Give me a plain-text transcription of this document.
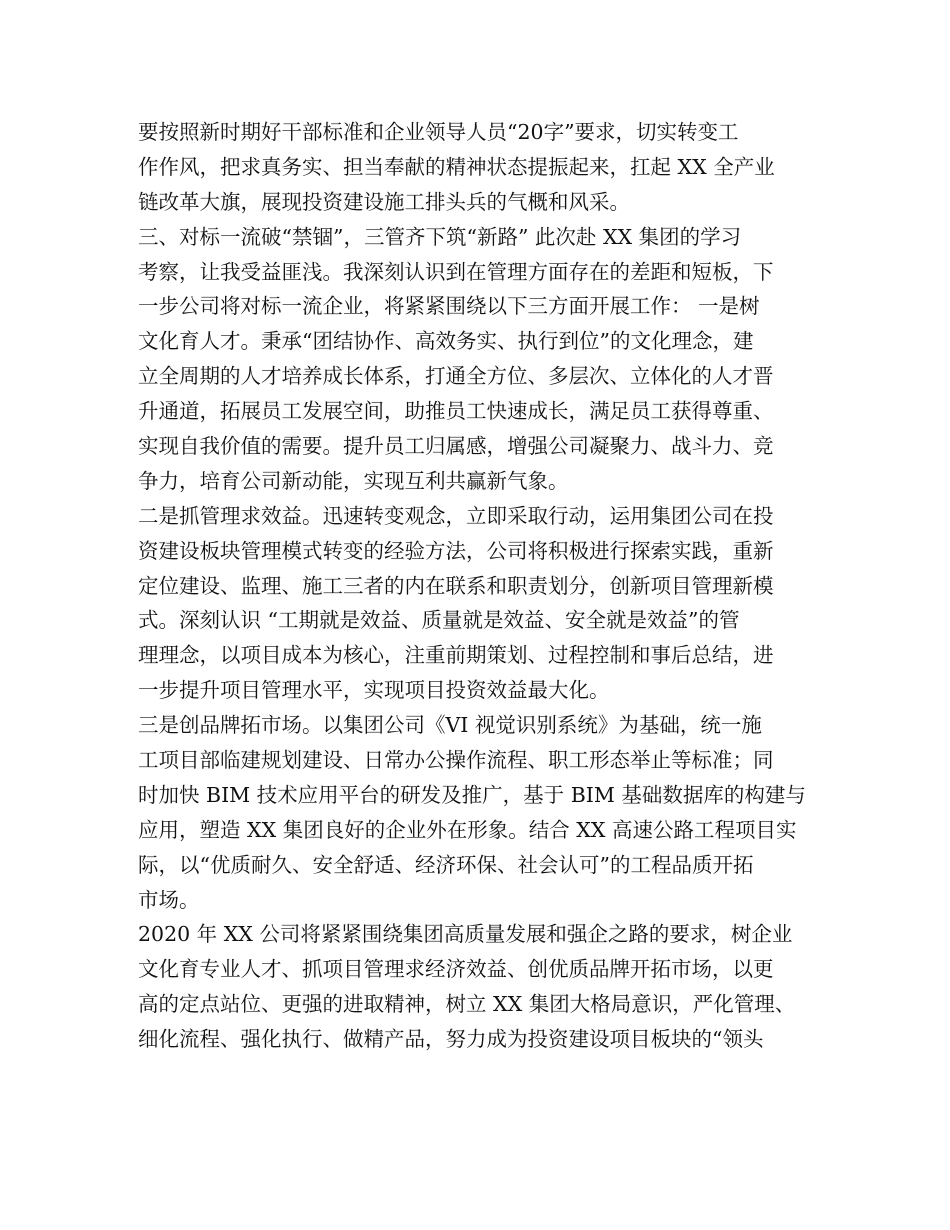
要按照新时期好干部标准和企业领导人员“20字”要求，切实转变工
作作风，把求真务实、担当奉献的精神状态提振起来，扛起 XX 全产业
链改革大旗，展现投资建设施工排头兵的气概和风采。
三、对标一流破“禁锢”，三管齐下筑“新路” 此次赴 XX 集团的学习
考察，让我受益匪浅。我深刻认识到在管理方面存在的差距和短板，下
一步公司将对标一流企业，将紧紧围绕以下三方面开展工作： 一是树
文化育人才。秉承“团结协作、高效务实、执行到位”的文化理念，建
立全周期的人才培养成长体系，打通全方位、多层次、立体化的人才晋
升通道，拓展员工发展空间，助推员工快速成长，满足员工获得尊重、
实现自我价值的需要。提升员工归属感，增强公司凝聚力、战斗力、竞
争力，培育公司新动能，实现互利共赢新气象。
二是抓管理求效益。迅速转变观念，立即采取行动，运用集团公司在投
资建设板块管理模式转变的经验方法，公司将积极进行探索实践，重新
定位建设、监理、施工三者的内在联系和职责划分，创新项目管理新模
式。深刻认识 “工期就是效益、质量就是效益、安全就是效益”的管
理理念，以项目成本为核心，注重前期策划、过程控制和事后总结，进
一步提升项目管理水平，实现项目投资效益最大化。
三是创品牌拓市场。以集团公司《VI 视觉识别系统》为基础，统一施
工项目部临建规划建设、日常办公操作流程、职工形态举止等标准；同
时加快 BIM 技术应用平台的研发及推广，基于 BIM 基础数据库的构建与
应用，塑造 XX 集团良好的企业外在形象。结合 XX 高速公路工程项目实
际，以“优质耐久、安全舒适、经济环保、社会认可”的工程品质开拓
市场。
2020 年 XX 公司将紧紧围绕集团高质量发展和强企之路的要求，树企业
文化育专业人才、抓项目管理求经济效益、创优质品牌开拓市场，以更
高的定点站位、更强的进取精神，树立 XX 集团大格局意识，严化管理、
细化流程、强化执行、做精产品，努力成为投资建设项目板块的“领头
